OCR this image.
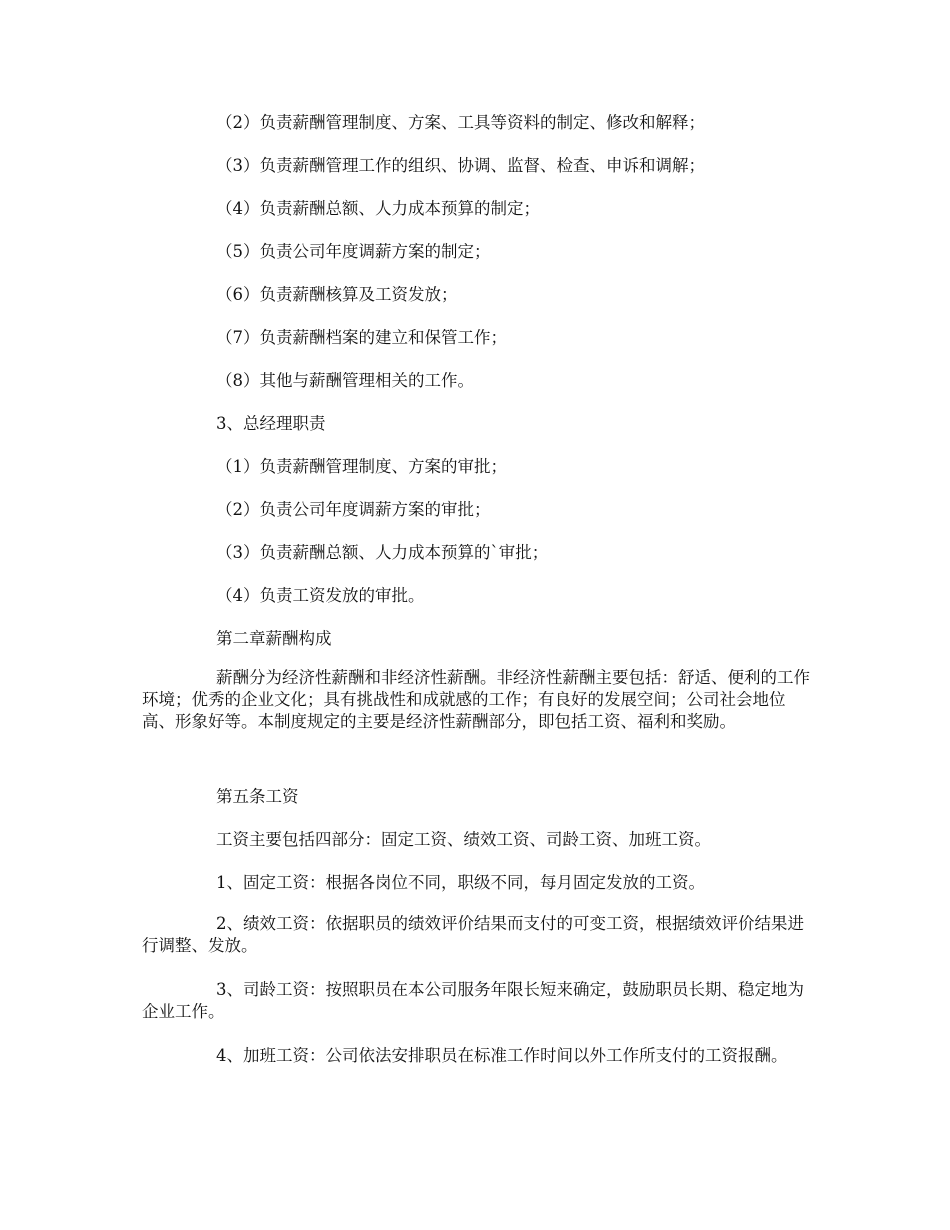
（2）负责薪酬管理制度、方案、工具等资料的制定、修改和解释；

（3）负责薪酬管理工作的组织、协调、监督、检查、申诉和调解；

（4）负责薪酬总额、人力成本预算的制定；

（5）负责公司年度调薪方案的制定；

（6）负责薪酬核算及工资发放；

（7）负责薪酬档案的建立和保管工作；

（8）其他与薪酬管理相关的工作。

3、总经理职责

（1）负责薪酬管理制度、方案的审批；

（2）负责公司年度调薪方案的审批；

（3）负责薪酬总额、人力成本预算的`审批；

（4）负责工资发放的审批。

第二章薪酬构成

薪酬分为经济性薪酬和非经济性薪酬。非经济性薪酬主要包括：舒适、便利的工作环境；优秀的企业文化；具有挑战性和成就感的工作；有良好的发展空间；公司社会地位高、形象好等。本制度规定的主要是经济性薪酬部分，即包括工资、福利和奖励。

第五条工资

工资主要包括四部分：固定工资、绩效工资、司龄工资、加班工资。

1、固定工资：根据各岗位不同，职级不同，每月固定发放的工资。

2、绩效工资：依据职员的绩效评价结果而支付的可变工资，根据绩效评价结果进行调整、发放。

3、司龄工资：按照职员在本公司服务年限长短来确定，鼓励职员长期、稳定地为企业工作。

4、加班工资：公司依法安排职员在标准工作时间以外工作所支付的工资报酬。
